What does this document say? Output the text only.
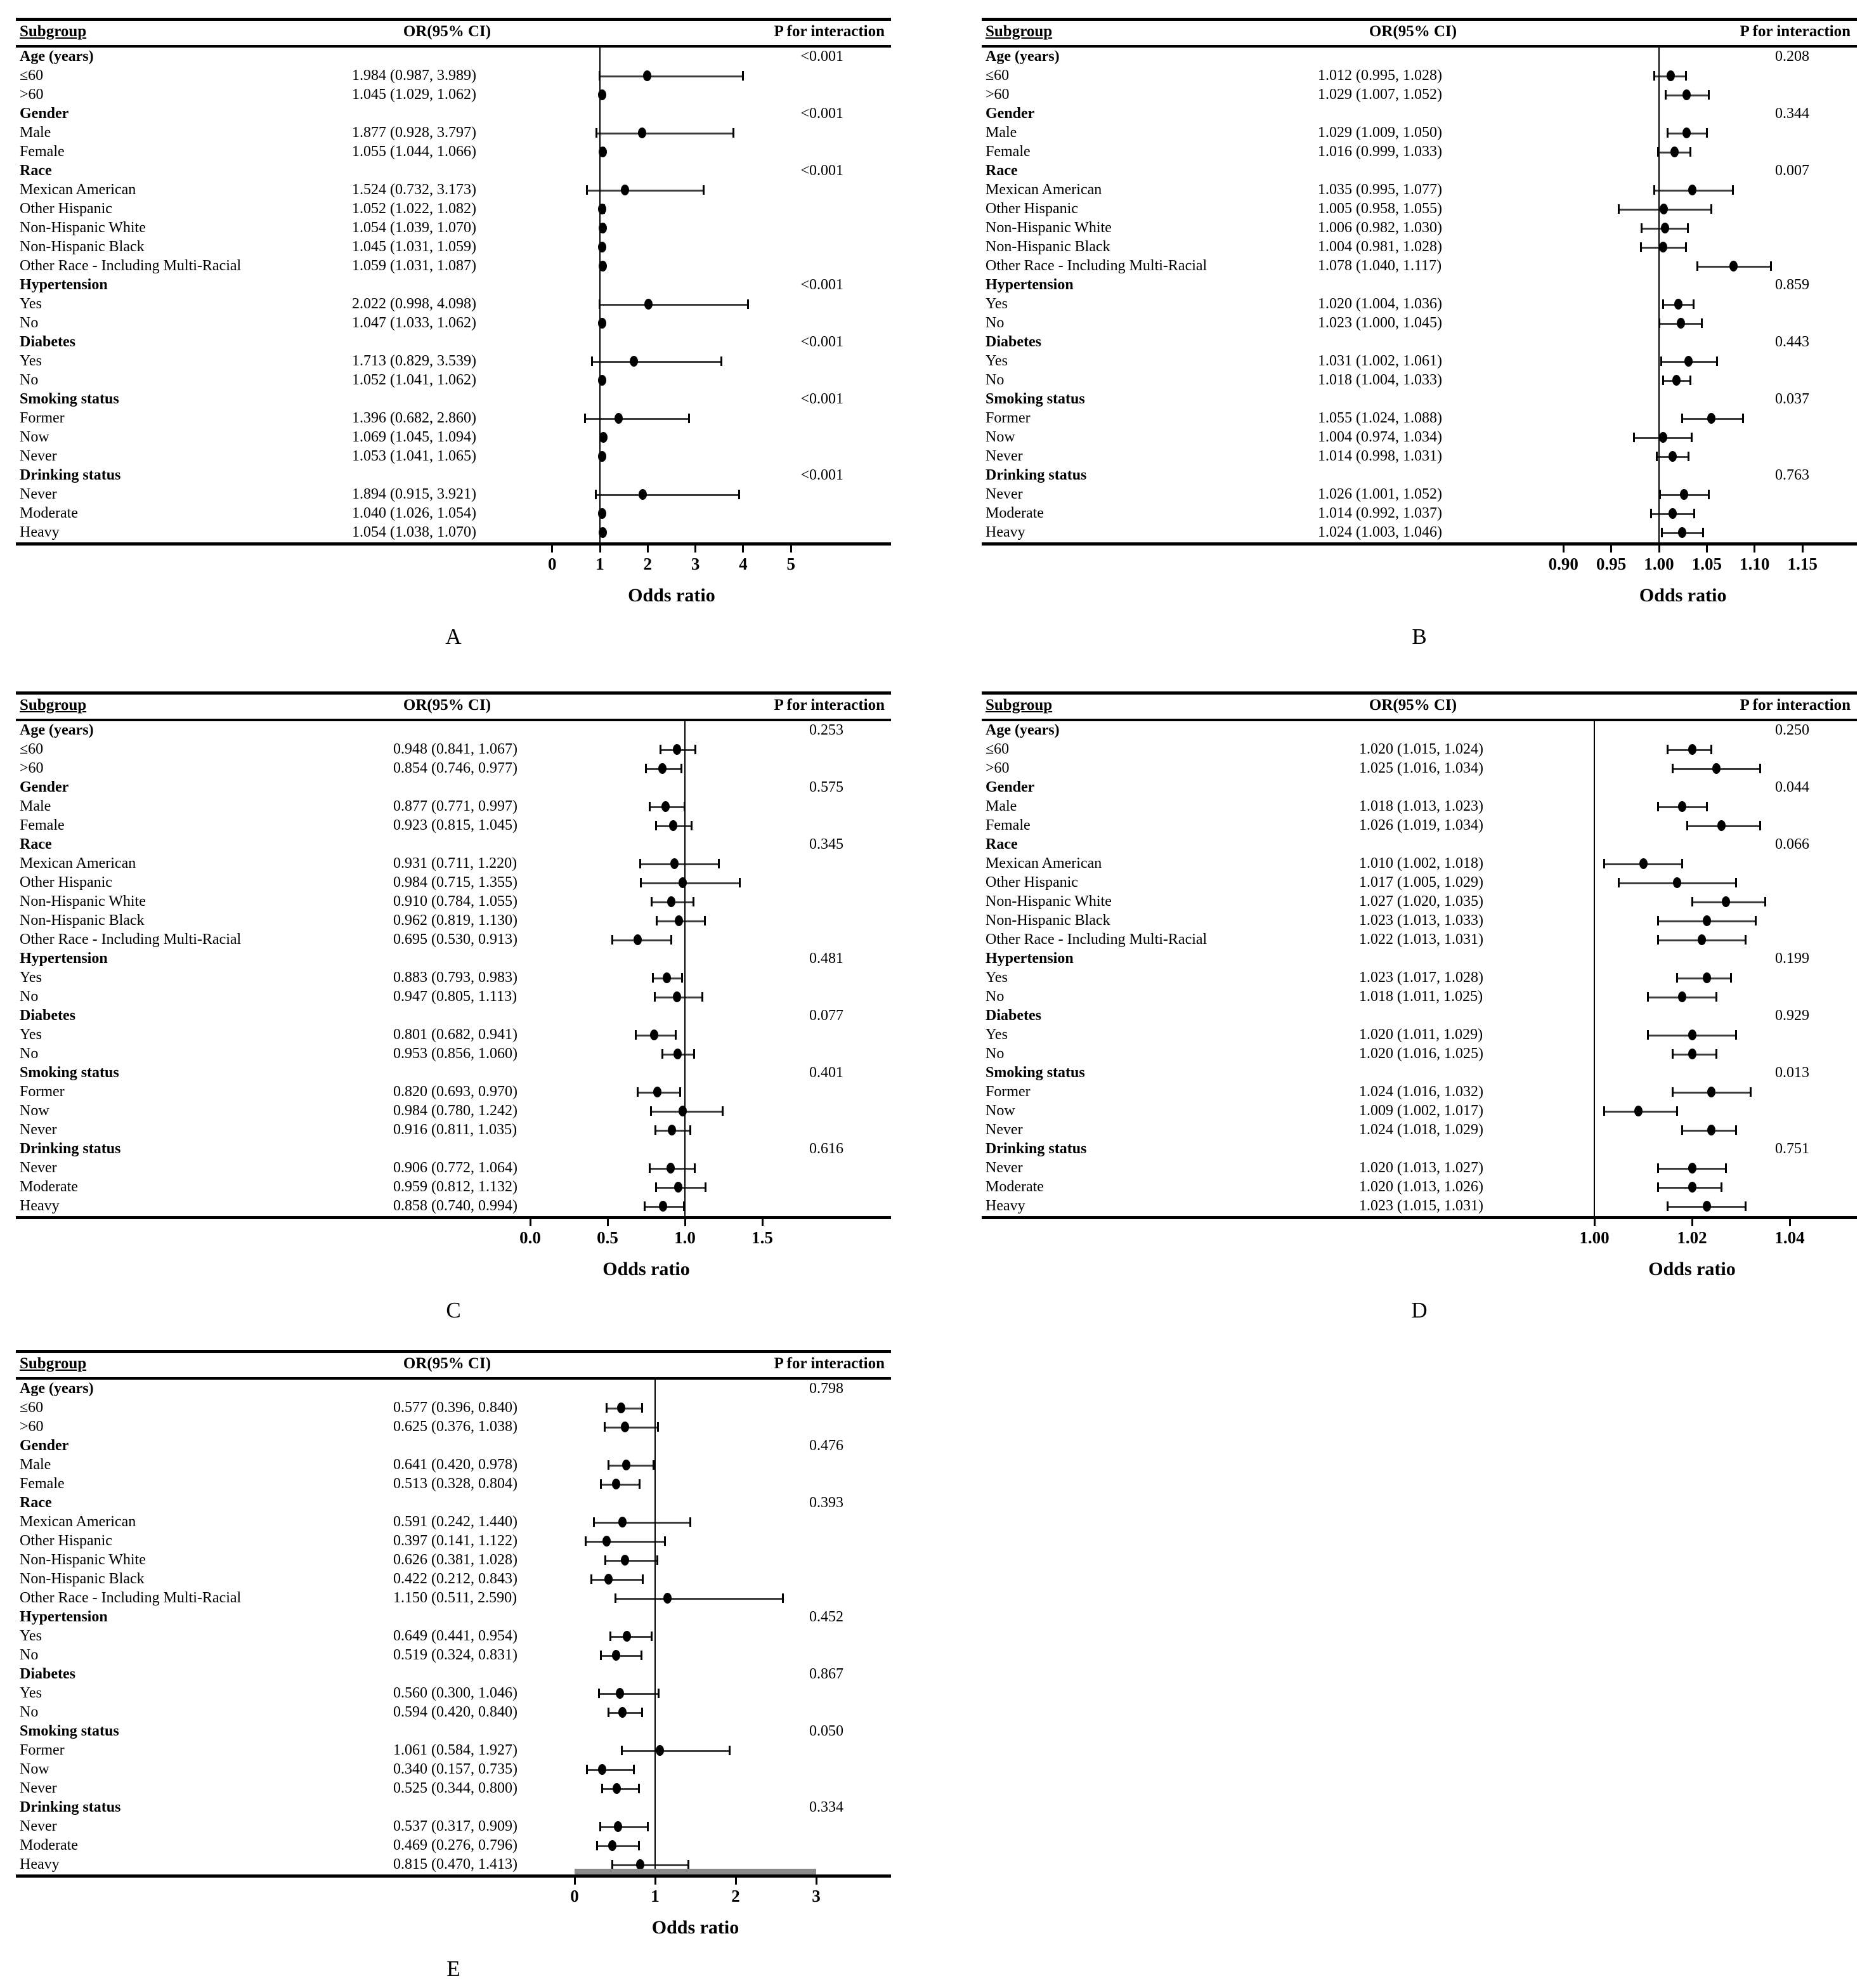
Subgroup	OR(95% CI)	P for interaction
Age (years)	<0.001
≤60	1.984 (0.987, 3.989)
>60	1.045 (1.029, 1.062)
Gender	<0.001
Male	1.877 (0.928, 3.797)
Female	1.055 (1.044, 1.066)
Race	<0.001
Mexican American	1.524 (0.732, 3.173)
Other Hispanic	1.052 (1.022, 1.082)
Non-Hispanic White	1.054 (1.039, 1.070)
Non-Hispanic Black	1.045 (1.031, 1.059)
Other Race - Including Multi-Racial	1.059 (1.031, 1.087)
Hypertension	<0.001
Yes	2.022 (0.998, 4.098)
No	1.047 (1.033, 1.062)
Diabetes	<0.001
Yes	1.713 (0.829, 3.539)
No	1.052 (1.041, 1.062)
Smoking status	<0.001
Former	1.396 (0.682, 2.860)
Now	1.069 (1.045, 1.094)
Never	1.053 (1.041, 1.065)
Drinking status	<0.001
Never	1.894 (0.915, 3.921)
Moderate	1.040 (1.026, 1.054)
Heavy	1.054 (1.038, 1.070)
0	1	2	3	4	5
Odds ratio
A
Subgroup	OR(95% CI)	P for interaction
Age (years)	0.208
≤60	1.012 (0.995, 1.028)
>60	1.029 (1.007, 1.052)
Gender	0.344
Male	1.029 (1.009, 1.050)
Female	1.016 (0.999, 1.033)
Race	0.007
Mexican American	1.035 (0.995, 1.077)
Other Hispanic	1.005 (0.958, 1.055)
Non-Hispanic White	1.006 (0.982, 1.030)
Non-Hispanic Black	1.004 (0.981, 1.028)
Other Race - Including Multi-Racial	1.078 (1.040, 1.117)
Hypertension	0.859
Yes	1.020 (1.004, 1.036)
No	1.023 (1.000, 1.045)
Diabetes	0.443
Yes	1.031 (1.002, 1.061)
No	1.018 (1.004, 1.033)
Smoking status	0.037
Former	1.055 (1.024, 1.088)
Now	1.004 (0.974, 1.034)
Never	1.014 (0.998, 1.031)
Drinking status	0.763
Never	1.026 (1.001, 1.052)
Moderate	1.014 (0.992, 1.037)
Heavy	1.024 (1.003, 1.046)
0.90	0.95	1.00	1.05	1.10	1.15
Odds ratio
B
Subgroup	OR(95% CI)	P for interaction
Age (years)	0.253
≤60	0.948 (0.841, 1.067)
>60	0.854 (0.746, 0.977)
Gender	0.575
Male	0.877 (0.771, 0.997)
Female	0.923 (0.815, 1.045)
Race	0.345
Mexican American	0.931 (0.711, 1.220)
Other Hispanic	0.984 (0.715, 1.355)
Non-Hispanic White	0.910 (0.784, 1.055)
Non-Hispanic Black	0.962 (0.819, 1.130)
Other Race - Including Multi-Racial	0.695 (0.530, 0.913)
Hypertension	0.481
Yes	0.883 (0.793, 0.983)
No	0.947 (0.805, 1.113)
Diabetes	0.077
Yes	0.801 (0.682, 0.941)
No	0.953 (0.856, 1.060)
Smoking status	0.401
Former	0.820 (0.693, 0.970)
Now	0.984 (0.780, 1.242)
Never	0.916 (0.811, 1.035)
Drinking status	0.616
Never	0.906 (0.772, 1.064)
Moderate	0.959 (0.812, 1.132)
Heavy	0.858 (0.740, 0.994)
0.0	0.5	1.0	1.5
Odds ratio
C
Subgroup	OR(95% CI)	P for interaction
Age (years)	0.250
≤60	1.020 (1.015, 1.024)
>60	1.025 (1.016, 1.034)
Gender	0.044
Male	1.018 (1.013, 1.023)
Female	1.026 (1.019, 1.034)
Race	0.066
Mexican American	1.010 (1.002, 1.018)
Other Hispanic	1.017 (1.005, 1.029)
Non-Hispanic White	1.027 (1.020, 1.035)
Non-Hispanic Black	1.023 (1.013, 1.033)
Other Race - Including Multi-Racial	1.022 (1.013, 1.031)
Hypertension	0.199
Yes	1.023 (1.017, 1.028)
No	1.018 (1.011, 1.025)
Diabetes	0.929
Yes	1.020 (1.011, 1.029)
No	1.020 (1.016, 1.025)
Smoking status	0.013
Former	1.024 (1.016, 1.032)
Now	1.009 (1.002, 1.017)
Never	1.024 (1.018, 1.029)
Drinking status	0.751
Never	1.020 (1.013, 1.027)
Moderate	1.020 (1.013, 1.026)
Heavy	1.023 (1.015, 1.031)
1.00	1.02	1.04
Odds ratio
D
Subgroup	OR(95% CI)	P for interaction
Age (years)	0.798
≤60	0.577 (0.396, 0.840)
>60	0.625 (0.376, 1.038)
Gender	0.476
Male	0.641 (0.420, 0.978)
Female	0.513 (0.328, 0.804)
Race	0.393
Mexican American	0.591 (0.242, 1.440)
Other Hispanic	0.397 (0.141, 1.122)
Non-Hispanic White	0.626 (0.381, 1.028)
Non-Hispanic Black	0.422 (0.212, 0.843)
Other Race - Including Multi-Racial	1.150 (0.511, 2.590)
Hypertension	0.452
Yes	0.649 (0.441, 0.954)
No	0.519 (0.324, 0.831)
Diabetes	0.867
Yes	0.560 (0.300, 1.046)
No	0.594 (0.420, 0.840)
Smoking status	0.050
Former	1.061 (0.584, 1.927)
Now	0.340 (0.157, 0.735)
Never	0.525 (0.344, 0.800)
Drinking status	0.334
Never	0.537 (0.317, 0.909)
Moderate	0.469 (0.276, 0.796)
Heavy	0.815 (0.470, 1.413)
0	1	2	3
Odds ratio
E
